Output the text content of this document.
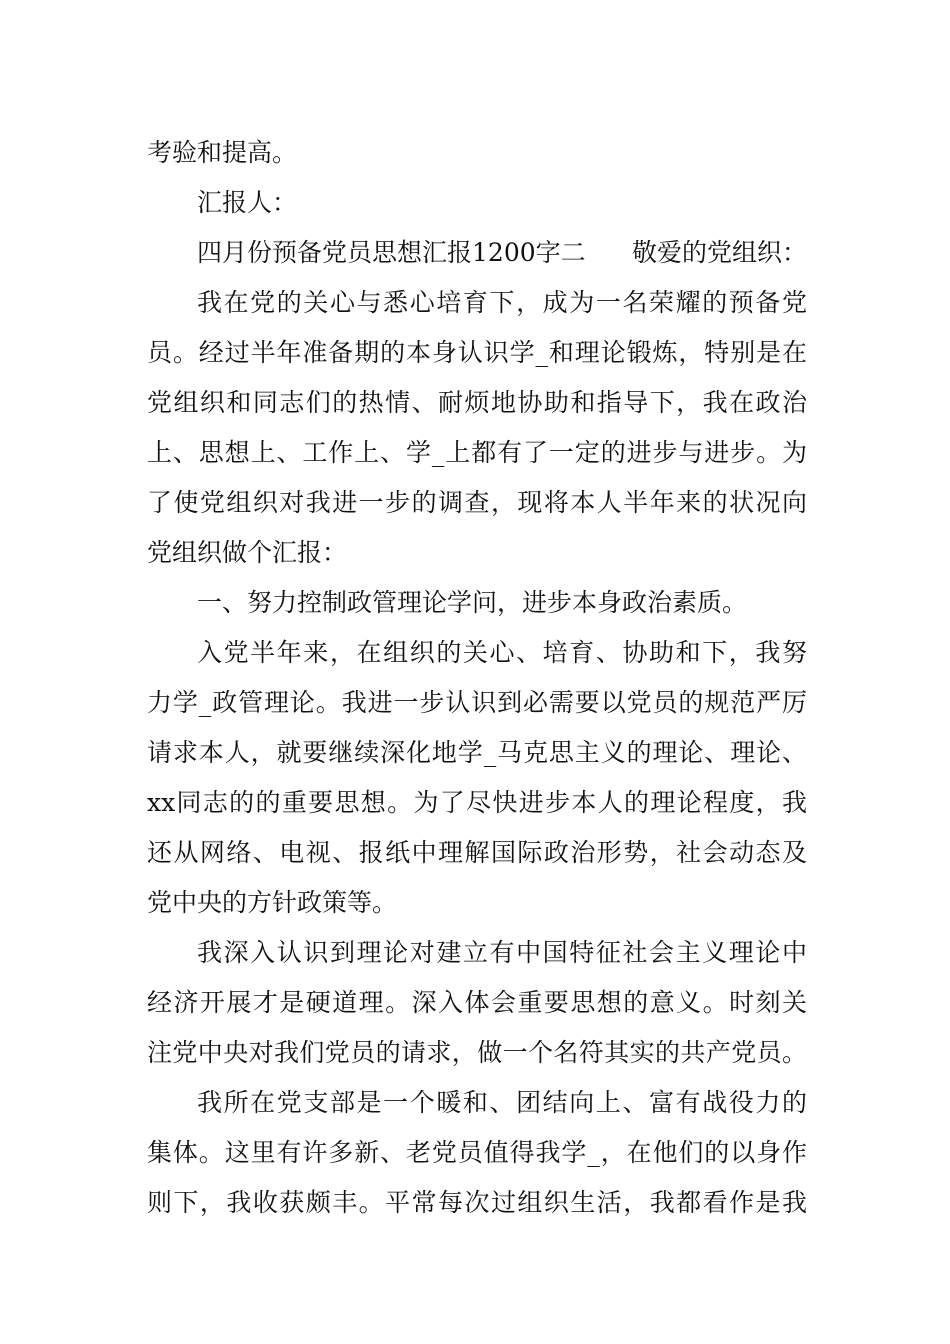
考验和提高。
汇报人：
四月份预备党员思想汇报1200字二 敬爱的党组织：
我在党的关心与悉心培育下，成为一名荣耀的预备党
员。经过半年准备期的本身认识学_和理论锻炼，特别是在
党组织和同志们的热情、耐烦地协助和指导下，我在政治
上、思想上、工作上、学_上都有了一定的进步与进步。为
了使党组织对我进一步的调查，现将本人半年来的状况向
党组织做个汇报：
一、努力控制政管理论学问，进步本身政治素质。
入党半年来，在组织的关心、培育、协助和下，我努
力学_政管理论。我进一步认识到必需要以党员的规范严厉
请求本人，就要继续深化地学_马克思主义的理论、理论、
xx同志的的重要思想。为了尽快进步本人的理论程度，我
还从网络、电视、报纸中理解国际政治形势，社会动态及
党中央的方针政策等。
我深入认识到理论对建立有中国特征社会主义理论中
经济开展才是硬道理。深入体会重要思想的意义。时刻关
注党中央对我们党员的请求，做一个名符其实的共产党员。
我所在党支部是一个暖和、团结向上、富有战役力的
集体。这里有许多新、老党员值得我学_，在他们的以身作
则下，我收获颇丰。平常每次过组织生活，我都看作是我
